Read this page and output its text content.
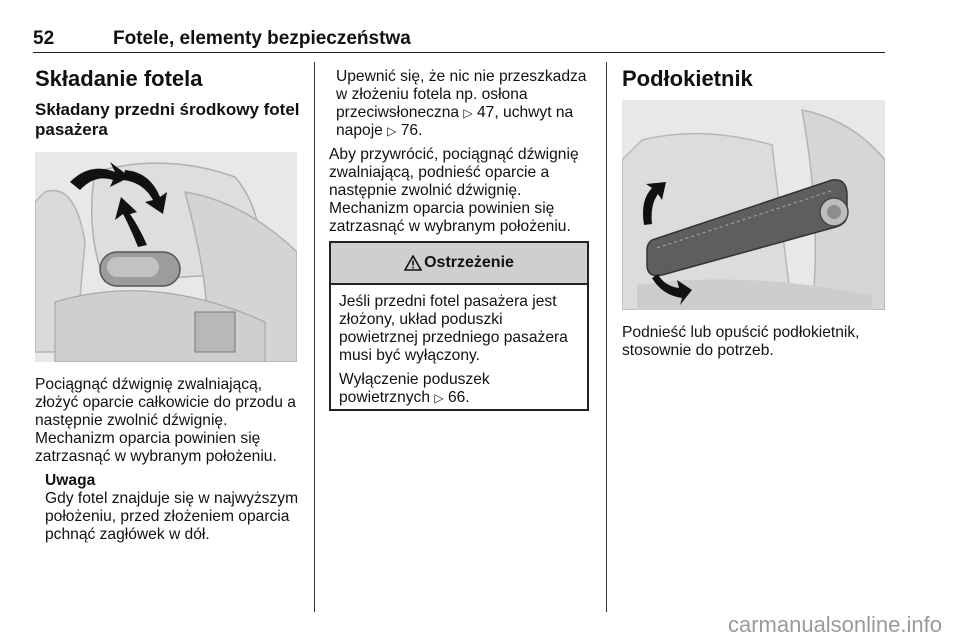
52	Fotele, elementy bezpieczeństwa
Składanie fotela
Składany przedni środkowy fotel pasażera

Pociągnąć dźwignię zwalniającą, złożyć oparcie całkowicie do przodu a następnie zwolnić dźwignię. Mechanizm oparcia powinien się zatrzasnąć w wybranym położeniu.

Uwaga
Gdy fotel znajduje się w najwyższym położeniu, przed złożeniem oparcia pchnąć zagłówek w dół.

Upewnić się, że nic nie przeszkadza w złożeniu fotela np. osłona przeciwsłoneczna ▷ 47, uchwyt na napoje ▷ 76.

Aby przywrócić, pociągnąć dźwignię zwalniającą, podnieść oparcie a następnie zwolnić dźwignię. Mechanizm oparcia powinien się zatrzasnąć w wybranym położeniu.

Ostrzeżenie

Jeśli przedni fotel pasażera jest złożony, układ poduszki powietrznej przedniego pasażera musi być wyłączony.

Wyłączenie poduszek powietrznych ▷ 66.

Podłokietnik

Podnieść lub opuścić podłokietnik, stosownie do potrzeb.

carmanualsonline.info
